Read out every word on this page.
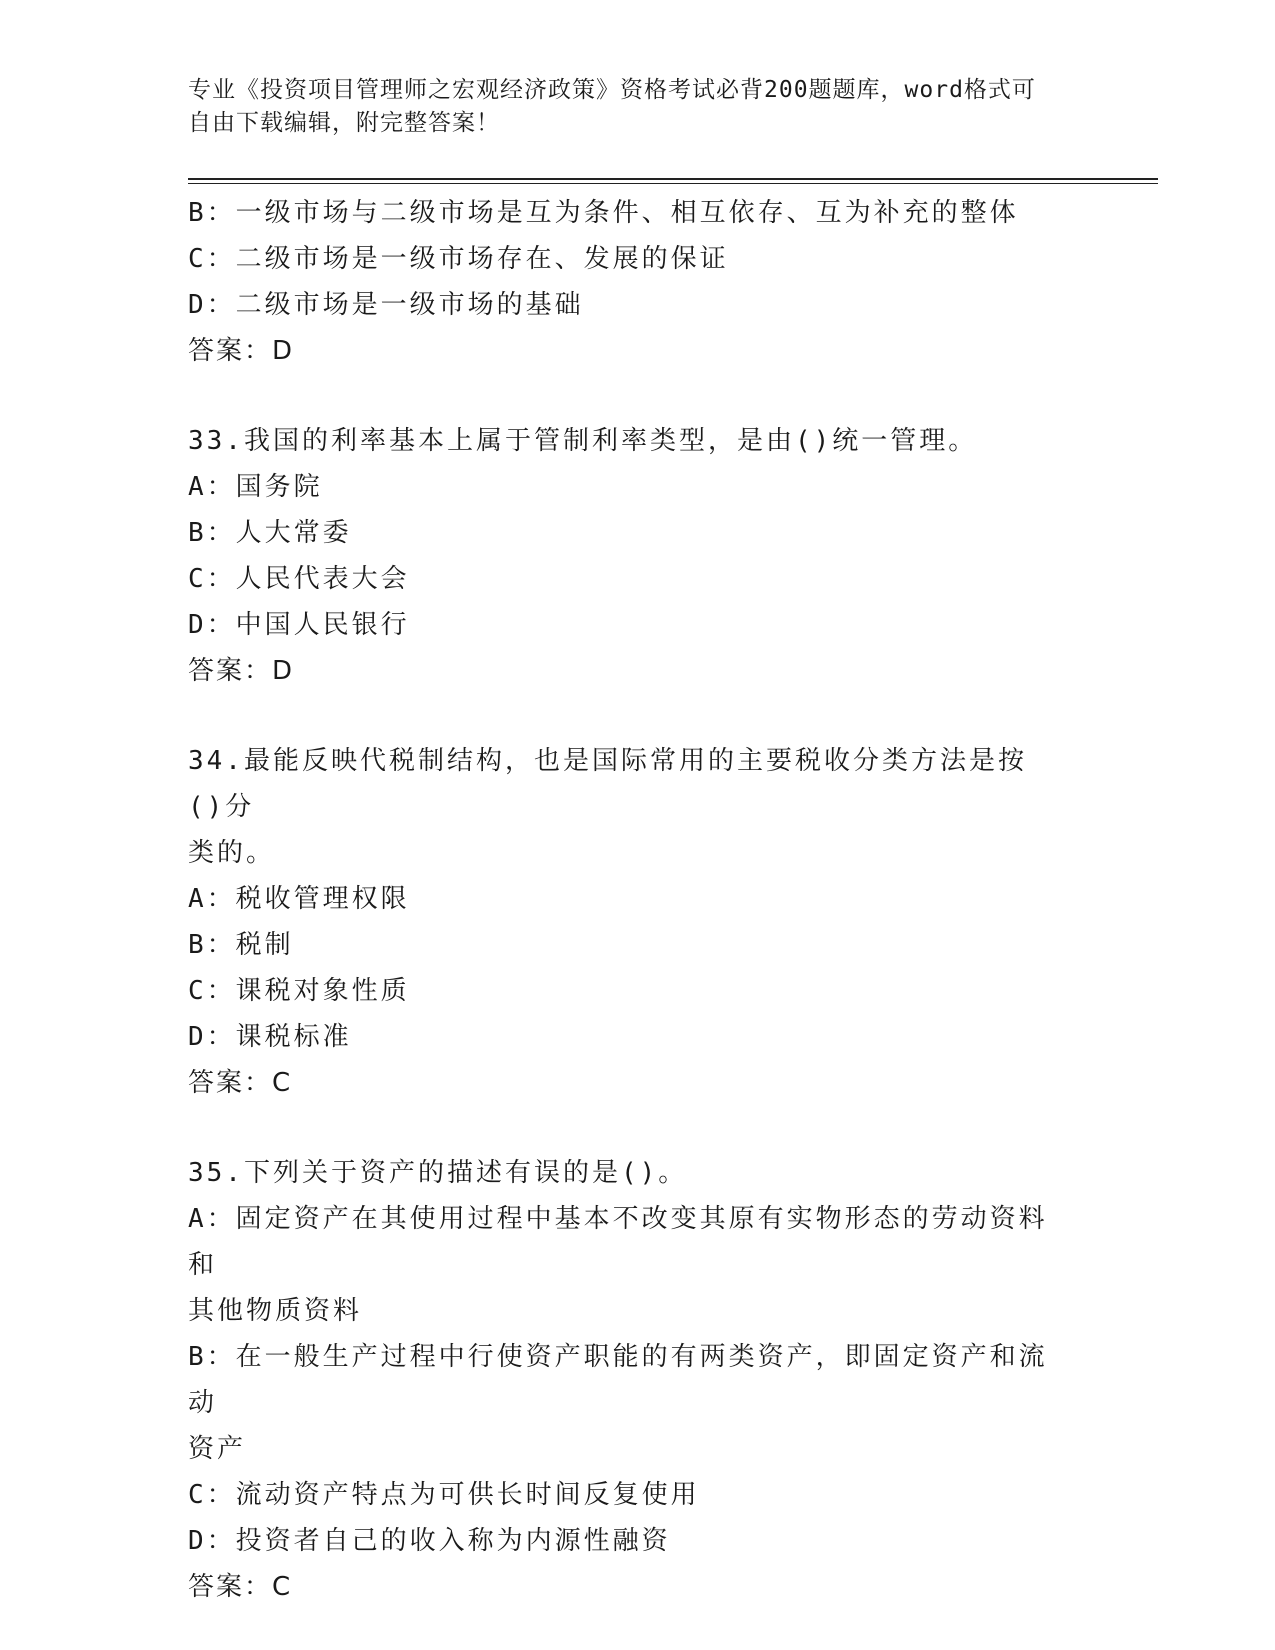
专业《投资项目管理师之宏观经济政策》资格考试必背200题题库，word格式可
自由下载编辑，附完整答案！
B：一级市场与二级市场是互为条件、相互依存、互为补充的整体
C：二级市场是一级市场存在、发展的保证
D：二级市场是一级市场的基础
答案：D
33.我国的利率基本上属于管制利率类型，是由()统一管理。
A：国务院
B：人大常委
C：人民代表大会
D：中国人民银行
答案：D
34.最能反映代税制结构，也是国际常用的主要税收分类方法是按()分
类的。
A：税收管理权限
B：税制
C：课税对象性质
D：课税标准
答案：C
35.下列关于资产的描述有误的是()。
A：固定资产在其使用过程中基本不改变其原有实物形态的劳动资料和
其他物质资料
B：在一般生产过程中行使资产职能的有两类资产，即固定资产和流动
资产
C：流动资产特点为可供长时间反复使用
D：投资者自己的收入称为内源性融资
答案：C
